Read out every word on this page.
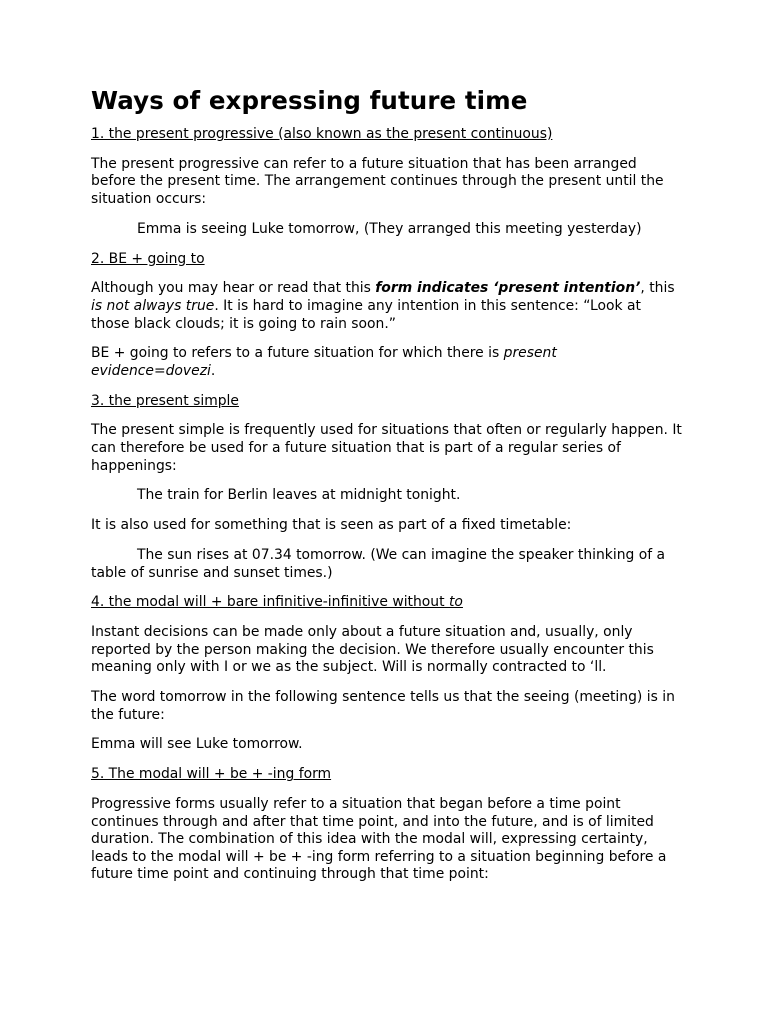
Ways of expressing future time

1. the present progressive (also known as the present continuous)

The present progressive can refer to a future situation that has been arranged before the present time. The arrangement continues through the present until the situation occurs:

Emma is seeing Luke tomorrow, (They arranged this meeting yesterday)

2. BE + going to

Although you may hear or read that this form indicates ‘present intention’, this is not always true. It is hard to imagine any intention in this sentence: “Look at those black clouds; it is going to rain soon.”

BE + going to refers to a future situation for which there is present evidence=dovezi.

3. the present simple

The present simple is frequently used for situations that often or regularly happen. It can therefore be used for a future situation that is part of a regular series of happenings:

The train for Berlin leaves at midnight tonight.

It is also used for something that is seen as part of a fixed timetable:

The sun rises at 07.34 tomorrow. (We can imagine the speaker thinking of a table of sunrise and sunset times.)

4. the modal will + bare infinitive-infinitive without to

Instant decisions can be made only about a future situation and, usually, only reported by the person making the decision. We therefore usually encounter this meaning only with I or we as the subject. Will is normally contracted to ‘ll.

The word tomorrow in the following sentence tells us that the seeing (meeting) is in the future:

Emma will see Luke tomorrow.

5. The modal will + be + -ing form

Progressive forms usually refer to a situation that began before a time point continues through and after that time point, and into the future, and is of limited duration. The combination of this idea with the modal will, expressing certainty, leads to the modal will + be + -ing form referring to a situation beginning before a future time point and continuing through that time point:
